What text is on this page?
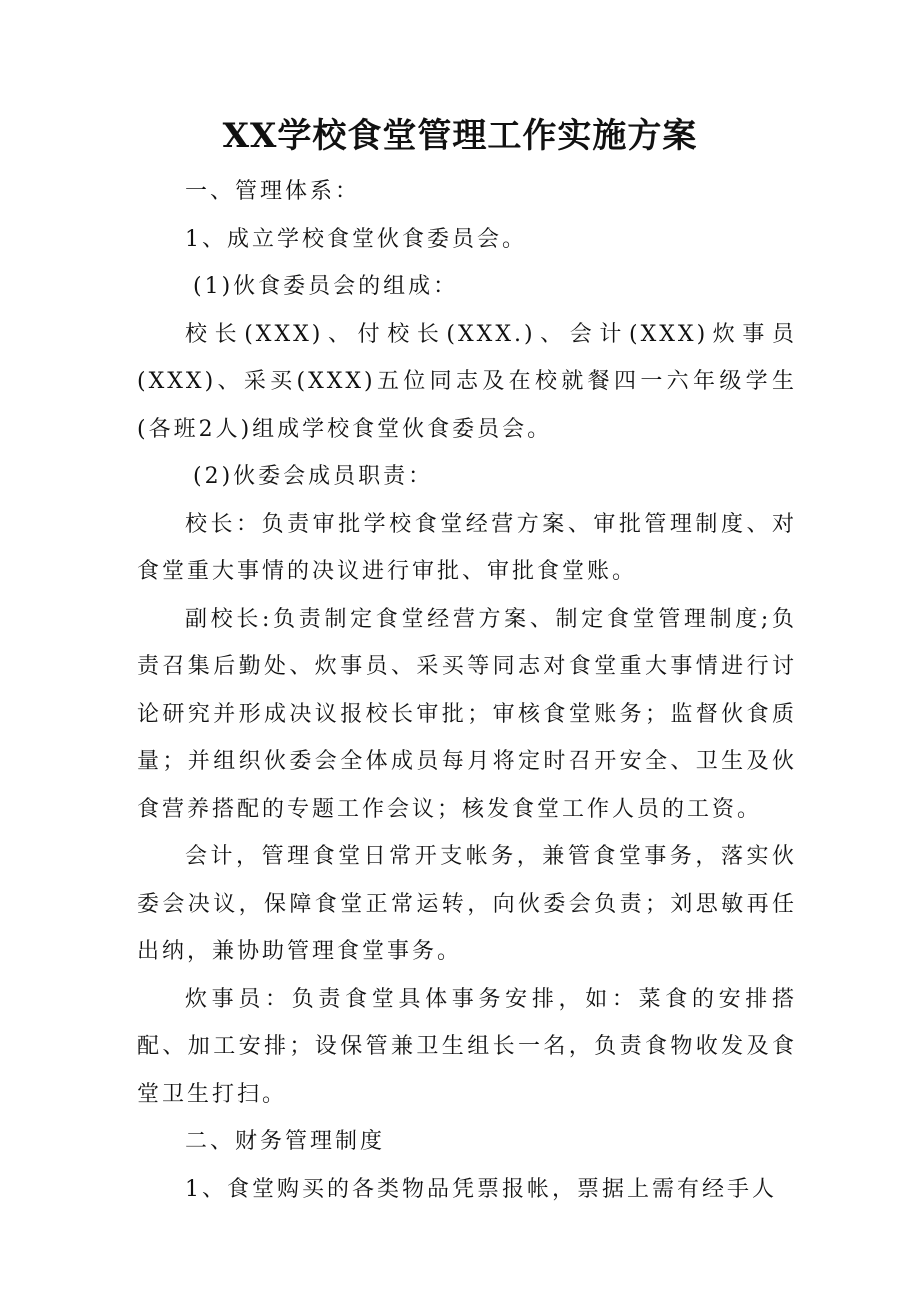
XX学校食堂管理工作实施方案

一、管理体系：

1、成立学校食堂伙食委员会。

(1)伙食委员会的组成：

校长(XXX)、付校长(XXX.)、会计(XXX)炊事员(XXX)、采买(XXX)五位同志及在校就餐四一六年级学生(各班2人)组成学校食堂伙食委员会。

(2)伙委会成员职责：

校长：负责审批学校食堂经营方案、审批管理制度、对食堂重大事情的决议进行审批、审批食堂账。

副校长:负责制定食堂经营方案、制定食堂管理制度;负责召集后勤处、炊事员、采买等同志对食堂重大事情进行讨论研究并形成决议报校长审批；审核食堂账务；监督伙食质量；并组织伙委会全体成员每月将定时召开安全、卫生及伙食营养搭配的专题工作会议；核发食堂工作人员的工资。

会计，管理食堂日常开支帐务，兼管食堂事务，落实伙委会决议，保障食堂正常运转，向伙委会负责；刘思敏再任出纳，兼协助管理食堂事务。

炊事员：负责食堂具体事务安排，如：菜食的安排搭配、加工安排；设保管兼卫生组长一名，负责食物收发及食堂卫生打扫。

二、财务管理制度

1、食堂购买的各类物品凭票报帐，票据上需有经手人
